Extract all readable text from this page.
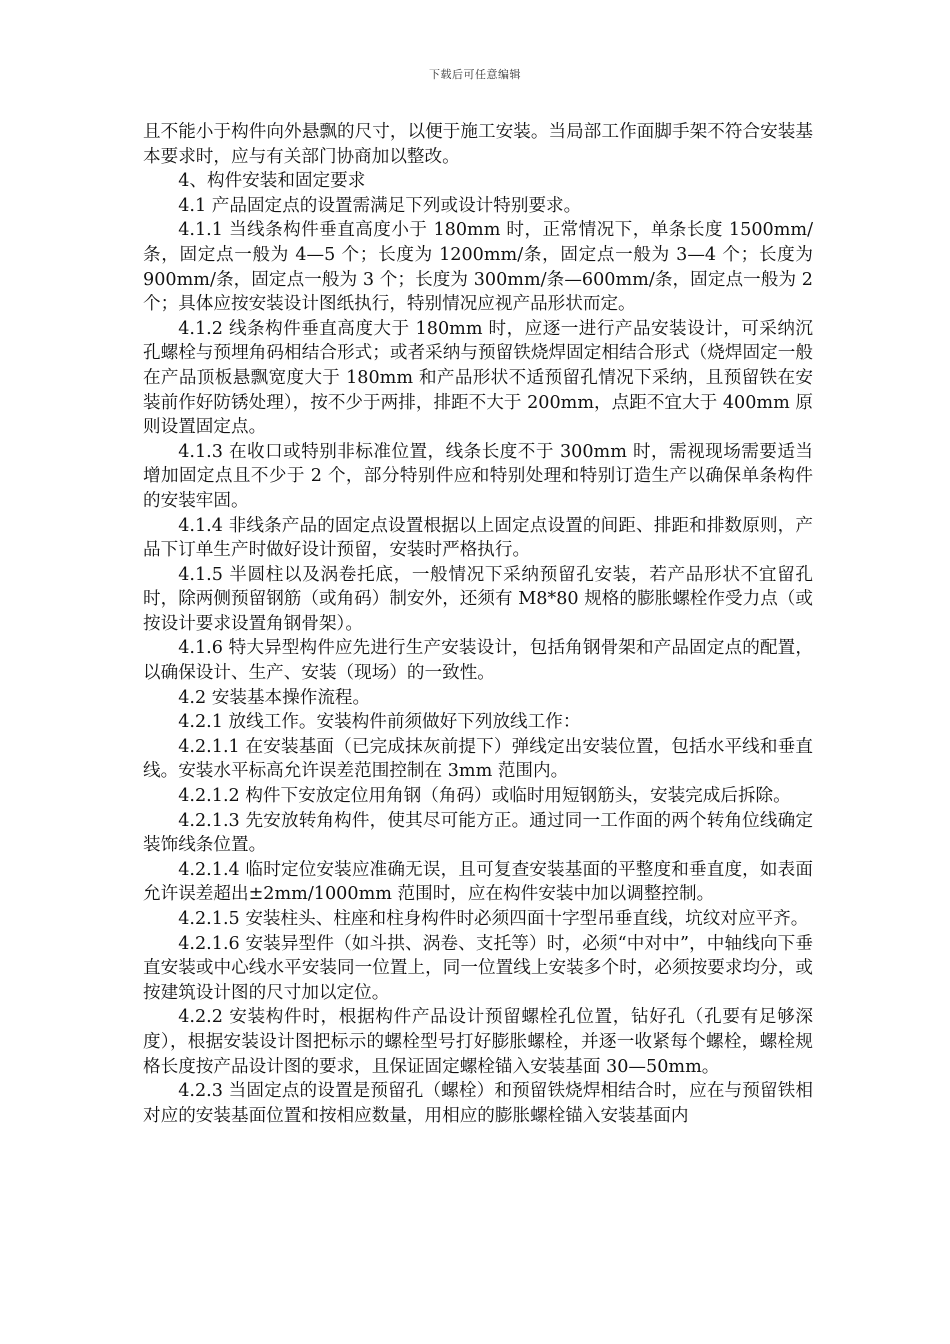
下载后可任意编辑

且不能小于构件向外悬飘的尺寸，以便于施工安装。当局部工作面脚手架不符合安装基本要求时，应与有关部门协商加以整改。

4、构件安装和固定要求

4.1 产品固定点的设置需满足下列或设计特别要求。

4.1.1 当线条构件垂直高度小于 180mm 时，正常情况下，单条长度 1500mm/条，固定点一般为 4—5 个；长度为 1200mm/条，固定点一般为 3—4 个；长度为 900mm/条，固定点一般为 3 个；长度为 300mm/条—600mm/条，固定点一般为 2 个；具体应按安装设计图纸执行，特别情况应视产品形状而定。

4.1.2 线条构件垂直高度大于 180mm 时，应逐一进行产品安装设计，可采纳沉孔螺栓与预埋角码相结合形式；或者采纳与预留铁烧焊固定相结合形式（烧焊固定一般在产品顶板悬飘宽度大于 180mm 和产品形状不适预留孔情况下采纳，且预留铁在安装前作好防锈处理），按不少于两排，排距不大于 200mm，点距不宜大于 400mm 原则设置固定点。

4.1.3 在收口或特别非标准位置，线条长度不于 300mm 时，需视现场需要适当增加固定点且不少于 2 个，部分特别件应和特别处理和特别订造生产以确保单条构件的安装牢固。

4.1.4 非线条产品的固定点设置根据以上固定点设置的间距、排距和排数原则，产品下订单生产时做好设计预留，安装时严格执行。

4.1.5 半圆柱以及涡卷托底，一般情况下采纳预留孔安装，若产品形状不宜留孔时，除两侧预留钢筋（或角码）制安外，还须有 M8*80 规格的膨胀螺栓作受力点（或按设计要求设置角钢骨架）。

4.1.6 特大异型构件应先进行生产安装设计，包括角钢骨架和产品固定点的配置，以确保设计、生产、安装（现场）的一致性。

4.2 安装基本操作流程。

4.2.1 放线工作。安装构件前须做好下列放线工作：

4.2.1.1 在安装基面（已完成抹灰前提下）弹线定出安装位置，包括水平线和垂直线。安装水平标高允许误差范围控制在 3mm 范围内。

4.2.1.2 构件下安放定位用角钢（角码）或临时用短钢筋头，安装完成后拆除。

4.2.1.3 先安放转角构件，使其尽可能方正。通过同一工作面的两个转角位线确定装饰线条位置。

4.2.1.4 临时定位安装应准确无误，且可复查安装基面的平整度和垂直度，如表面允许误差超出±2mm/1000mm 范围时，应在构件安装中加以调整控制。

4.2.1.5 安装柱头、柱座和柱身构件时必须四面十字型吊垂直线，坑纹对应平齐。

4.2.1.6 安装异型件（如斗拱、涡卷、支托等）时，必须“中对中”，中轴线向下垂直安装或中心线水平安装同一位置上，同一位置线上安装多个时，必须按要求均分，或按建筑设计图的尺寸加以定位。

4.2.2 安装构件时，根据构件产品设计预留螺栓孔位置，钻好孔（孔要有足够深度），根据安装设计图把标示的螺栓型号打好膨胀螺栓，并逐一收紧每个螺栓，螺栓规格长度按产品设计图的要求，且保证固定螺栓锚入安装基面 30—50mm。

4.2.3 当固定点的设置是预留孔（螺栓）和预留铁烧焊相结合时，应在与预留铁相对应的安装基面位置和按相应数量，用相应的膨胀螺栓锚入安装基面内
